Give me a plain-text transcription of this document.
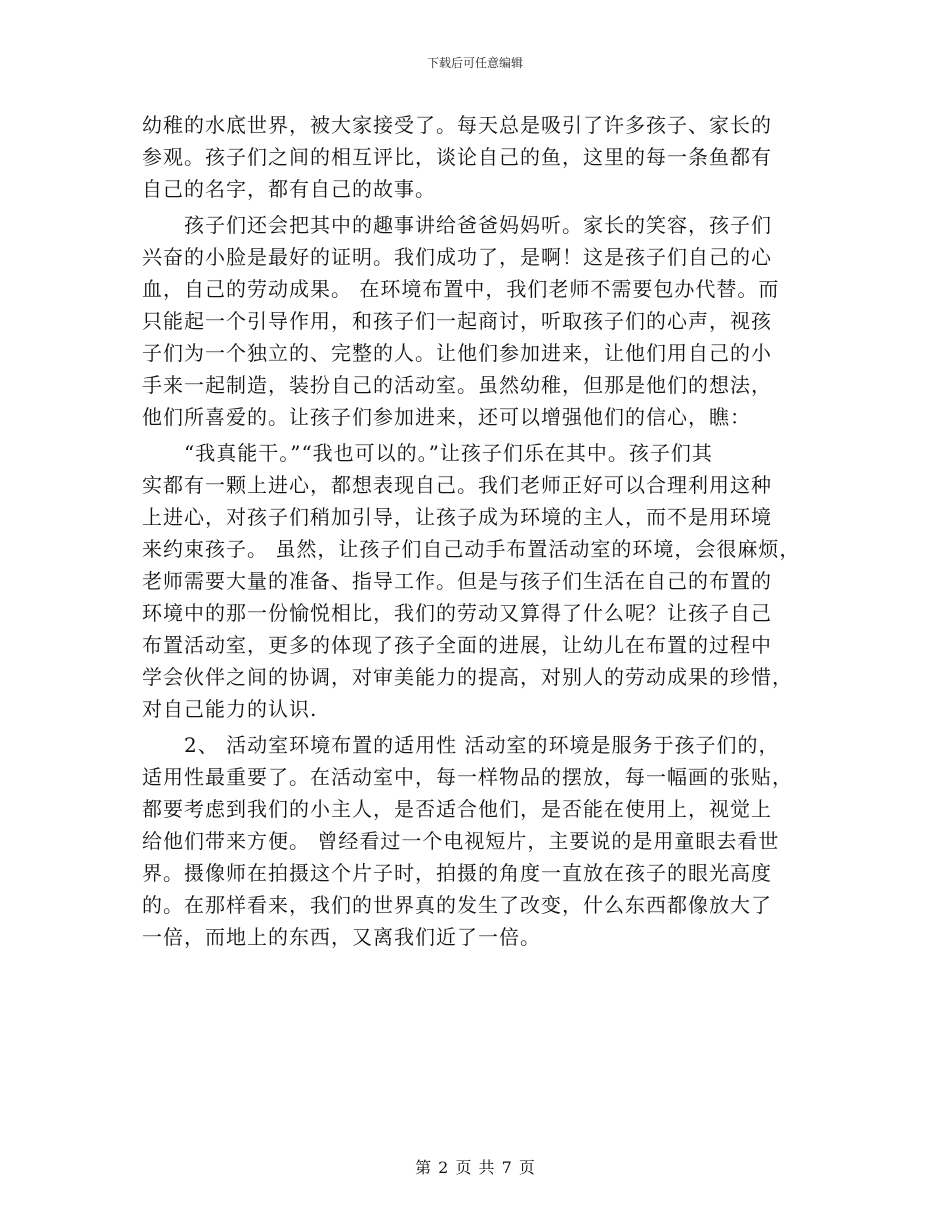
下载后可任意编辑
幼稚的水底世界，被大家接受了。每天总是吸引了许多孩子、家长的
参观。孩子们之间的相互评比，谈论自己的鱼，这里的每一条鱼都有
自己的名字，都有自己的故事。
　　孩子们还会把其中的趣事讲给爸爸妈妈听。家长的笑容，孩子们
兴奋的小脸是最好的证明。我们成功了，是啊！这是孩子们自己的心
血，自己的劳动成果。 在环境布置中，我们老师不需要包办代替。而
只能起一个引导作用，和孩子们一起商讨，听取孩子们的心声，视孩
子们为一个独立的、完整的人。让他们参加进来，让他们用自己的小
手来一起制造，装扮自己的活动室。虽然幼稚，但那是他们的想法，
他们所喜爱的。让孩子们参加进来，还可以增强他们的信心，瞧：
　　“我真能干。”“我也可以的。”让孩子们乐在其中。孩子们其
实都有一颗上进心，都想表现自己。我们老师正好可以合理利用这种
上进心，对孩子们稍加引导，让孩子成为环境的主人，而不是用环境
来约束孩子。 虽然，让孩子们自己动手布置活动室的环境，会很麻烦，
老师需要大量的准备、指导工作。但是与孩子们生活在自己的布置的
环境中的那一份愉悦相比，我们的劳动又算得了什么呢？让孩子自己
布置活动室，更多的体现了孩子全面的进展，让幼儿在布置的过程中
学会伙伴之间的协调，对审美能力的提高，对别人的劳动成果的珍惜，
对自己能力的认识.
　　2、 活动室环境布置的适用性 活动室的环境是服务于孩子们的，
适用性最重要了。在活动室中，每一样物品的摆放，每一幅画的张贴，
都要考虑到我们的小主人，是否适合他们，是否能在使用上，视觉上
给他们带来方便。 曾经看过一个电视短片，主要说的是用童眼去看世
界。摄像师在拍摄这个片子时，拍摄的角度一直放在孩子的眼光高度
的。在那样看来，我们的世界真的发生了改变，什么东西都像放大了
一倍，而地上的东西，又离我们近了一倍。
第 2 页 共 7 页
